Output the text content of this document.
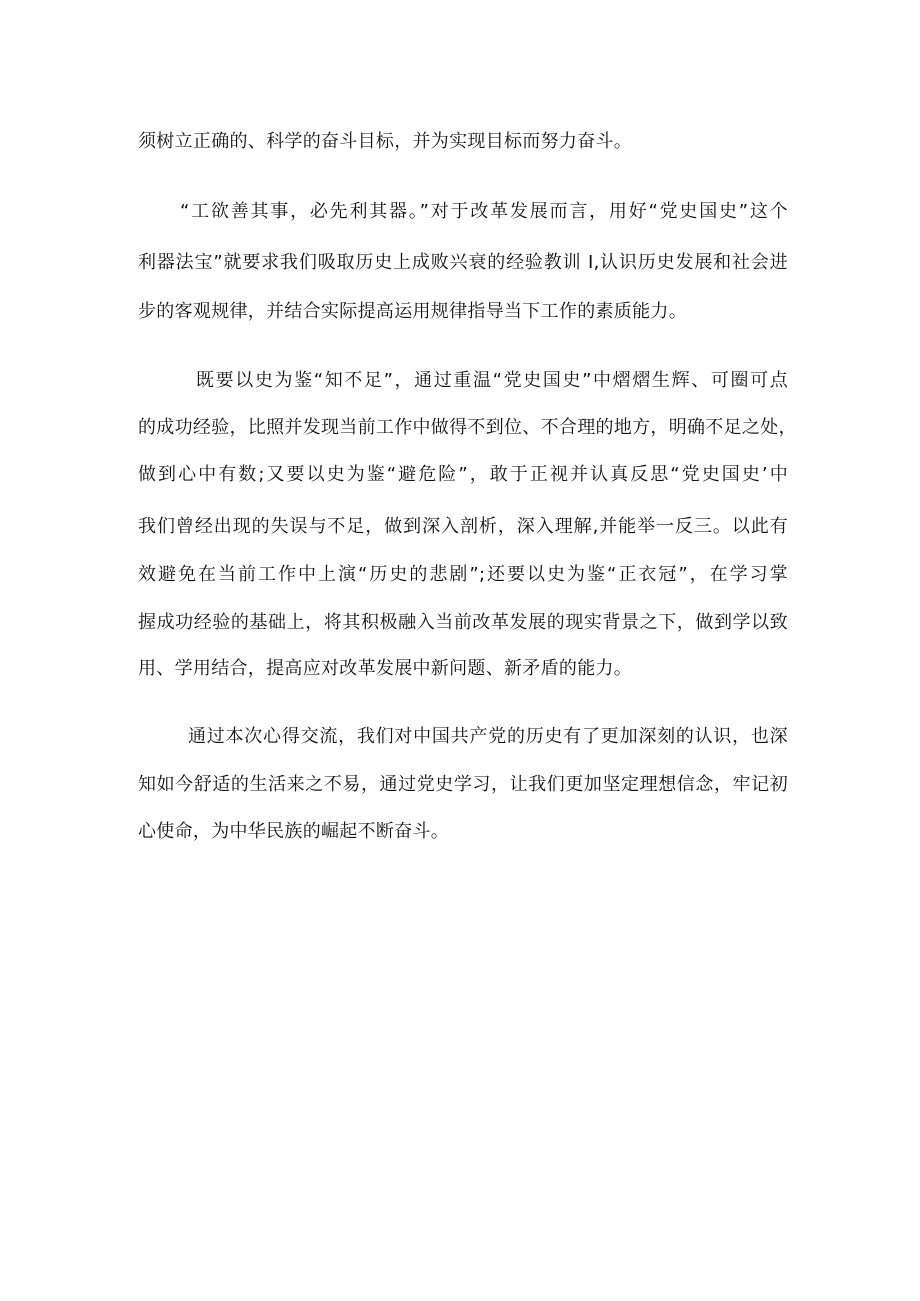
须树立正确的、科学的奋斗目标，并为实现目标而努力奋斗。
“工欲善其事，必先利其器。”对于改革发展而言，用好“党史国史”这个
利器法宝”就要求我们吸取历史上成败兴衰的经验教训 I,认识历史发展和社会进
步的客观规律，并结合实际提高运用规律指导当下工作的素质能力。
既要以史为鉴“知不足”，通过重温“党史国史”中熠熠生辉、可圈可点
的成功经验，比照并发现当前工作中做得不到位、不合理的地方，明确不足之处，
做到心中有数;又要以史为鉴“避危险”，敢于正视并认真反思“党史国史’中
我们曾经出现的失误与不足，做到深入剖析，深入理解,并能举一反三。以此有
效避免在当前工作中上演“历史的悲剧”;还要以史为鉴“正衣冠”，在学习掌
握成功经验的基础上，将其积极融入当前改革发展的现实背景之下，做到学以致
用、学用结合，提高应对改革发展中新问题、新矛盾的能力。
通过本次心得交流，我们对中国共产党的历史有了更加深刻的认识，也深
知如今舒适的生活来之不易，通过党史学习，让我们更加坚定理想信念，牢记初
心使命，为中华民族的崛起不断奋斗。
